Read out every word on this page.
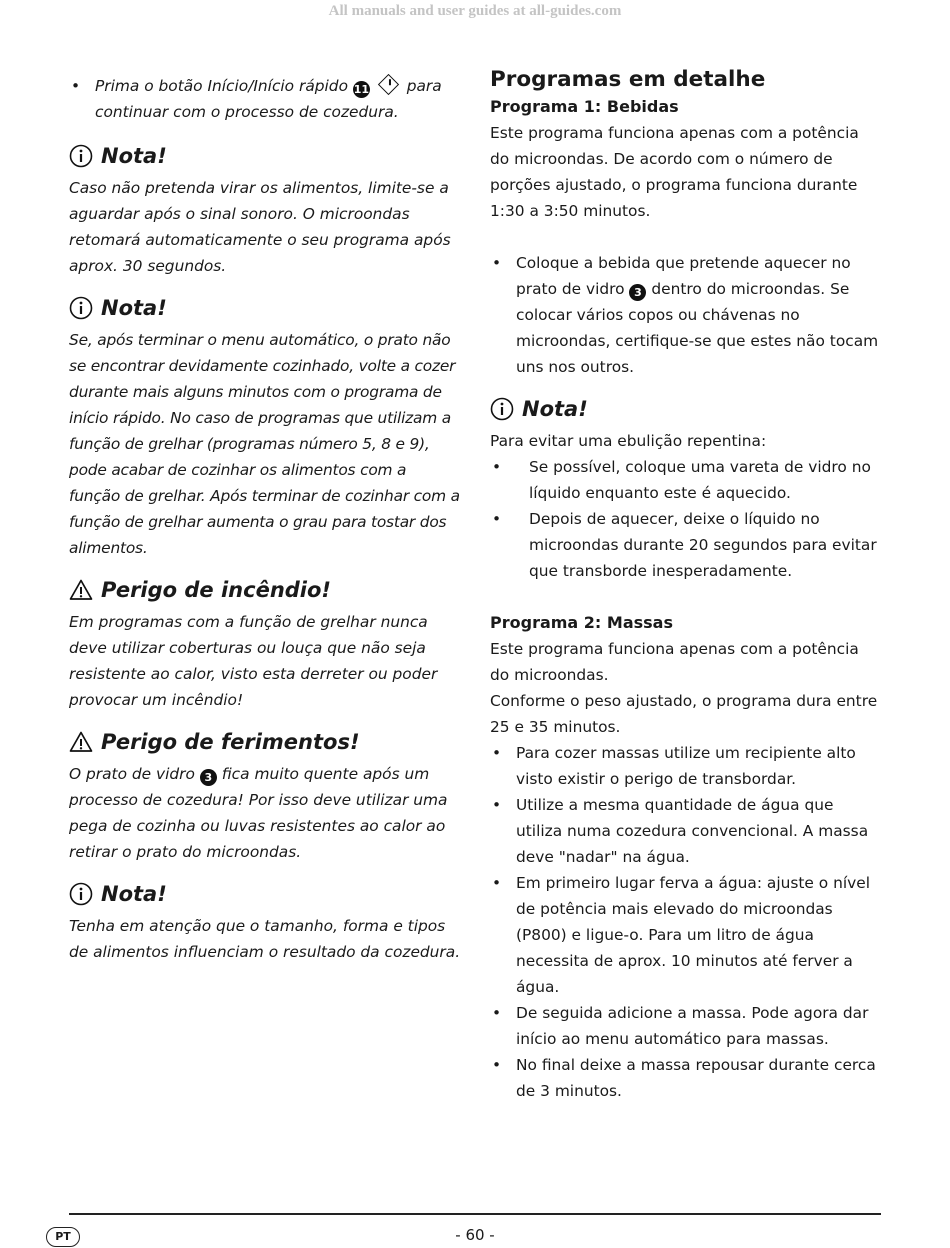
All manuals and user guides at all-guides.com
• Prima o botão Início/Início rápido 11 para continuar com o processo de cozedura.
Nota!

Caso não pretenda virar os alimentos, limite-se a aguardar após o sinal sonoro. O microondas retomará automaticamente o seu programa após aprox. 30 segundos.

Nota!

Se, após terminar o menu automático, o prato não se encontrar devidamente cozinhado, volte a cozer durante mais alguns minutos com o programa de início rápido. No caso de programas que utilizam a função de grelhar (programas número 5, 8 e 9), pode acabar de cozinhar os alimentos com a função de grelhar. Após terminar de cozinhar com a função de grelhar aumenta o grau para tostar dos alimentos.

Perigo de incêndio!

Em programas com a função de grelhar nunca deve utilizar coberturas ou louça que não seja resistente ao calor, visto esta derreter ou poder provocar um incêndio!

Perigo de ferimentos!

O prato de vidro 3 fica muito quente após um processo de cozedura! Por isso deve utilizar uma pega de cozinha ou luvas resistentes ao calor ao retirar o prato do microondas.

Nota!

Tenha em atenção que o tamanho, forma e tipos de alimentos influenciam o resultado da cozedura.

Programas em detalhe

Programa 1: Bebidas

Este programa funciona apenas com a potência do microondas. De acordo com o número de porções ajustado, o programa funciona durante 1:30 a 3:50 minutos.

• Coloque a bebida que pretende aquecer no prato de vidro 3 dentro do microondas. Se colocar vários copos ou chávenas no microondas, certifique-se que estes não tocam uns nos outros.
Nota!

Para evitar uma ebulição repentina:

•	Se possível, coloque uma vareta de vidro no líquido enquanto este é aquecido.
•	Depois de aquecer, deixe o líquido no microondas durante 20 segundos para evitar que transborde inesperadamente.

Programa 2: Massas

Este programa funciona apenas com a potência do microondas.

Conforme o peso ajustado, o programa dura entre 25 e 35 minutos.

• Para cozer massas utilize um recipiente alto visto existir o perigo de transbordar.
• Utilize a mesma quantidade de água que utiliza numa cozedura convencional. A massa deve "nadar" na água.
• Em primeiro lugar ferva a água: ajuste o nível de potência mais elevado do microondas (P800) e ligue-o. Para um litro de água necessita de aprox. 10 minutos até ferver a água.
• De seguida adicione a massa. Pode agora dar início ao menu automático para massas.
• No final deixe a massa repousar durante cerca de 3 minutos.
PT	- 60 -
